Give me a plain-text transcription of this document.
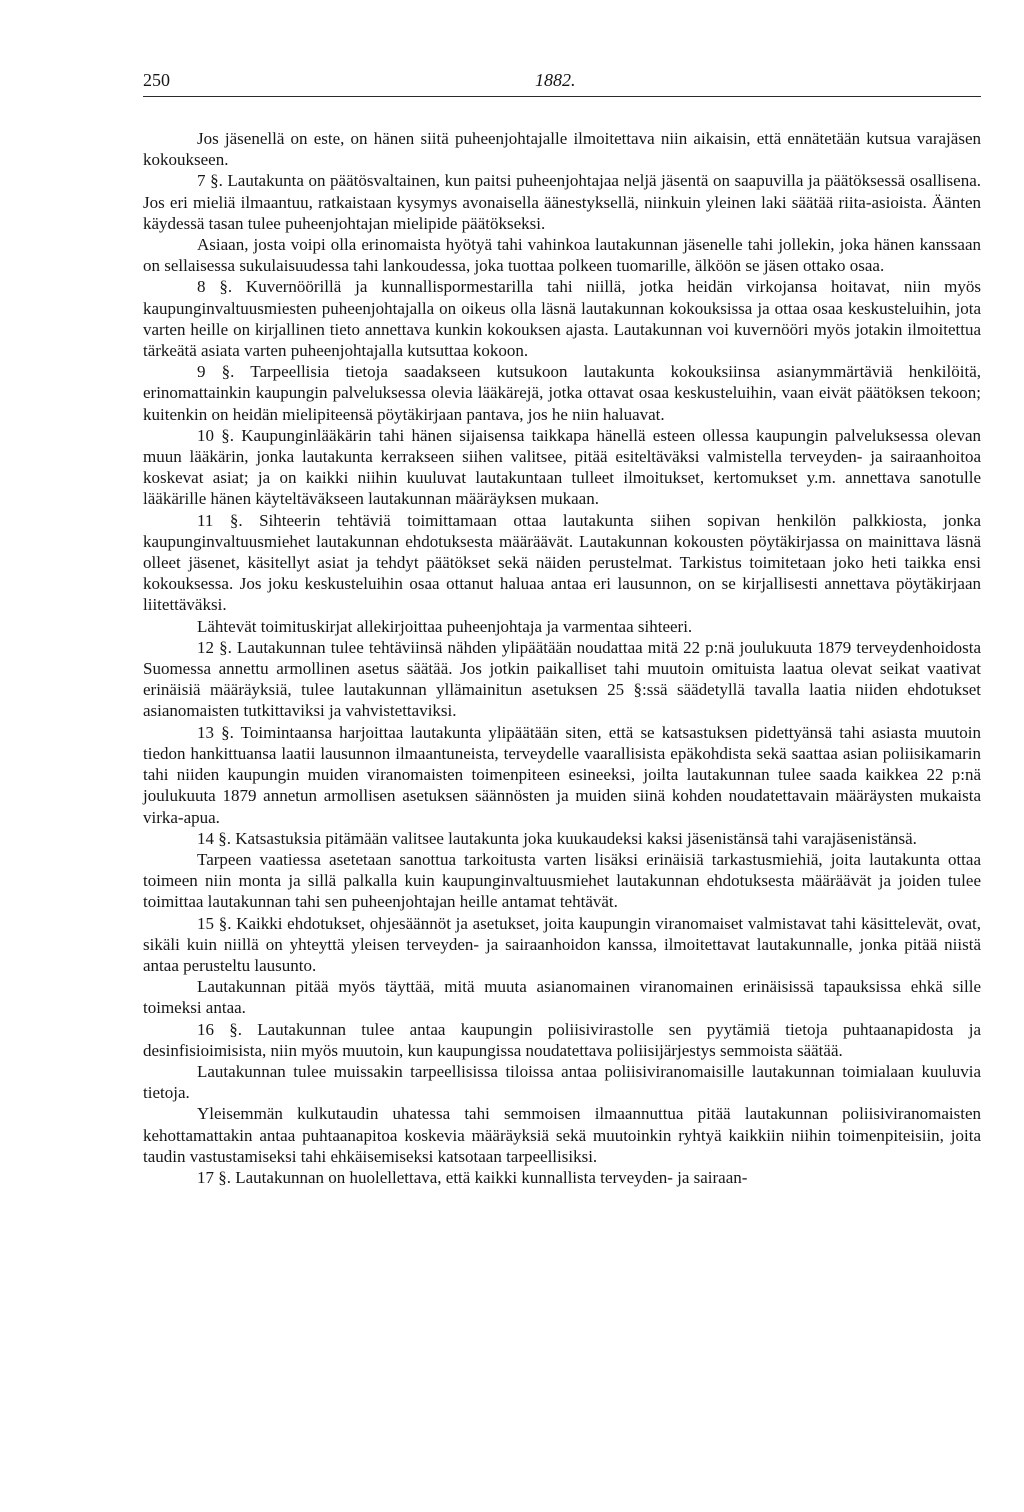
250	1882.

Jos jäsenellä on este, on hänen siitä puheenjohtajalle ilmoitettava niin aikaisin, että ennätetään kutsua varajäsen kokoukseen.

7 §. Lautakunta on päätösvaltainen, kun paitsi puheenjohtajaa neljä jäsentä on saapuvilla ja päätöksessä osallisena. Jos eri mieliä ilmaantuu, ratkaistaan kysymys avonaisella äänestyksellä, niinkuin yleinen laki säätää riita-asioista. Äänten käydessä tasan tulee puheenjohtajan mielipide päätökseksi.

Asiaan, josta voipi olla erinomaista hyötyä tahi vahinkoa lautakunnan jäsenelle tahi jollekin, joka hänen kanssaan on sellaisessa sukulaisuudessa tahi lankoudessa, joka tuottaa polkeen tuomarille, älköön se jäsen ottako osaa.

8 §. Kuvernöörillä ja kunnallispormestarilla tahi niillä, jotka heidän virkojansa hoitavat, niin myös kaupunginvaltuusmiesten puheenjohtajalla on oikeus olla läsnä lautakunnan kokouksissa ja ottaa osaa keskusteluihin, jota varten heille on kirjallinen tieto annettava kunkin kokouksen ajasta. Lautakunnan voi kuvernööri myös jotakin ilmoitettua tärkeätä asiata varten puheenjohtajalla kutsuttaa kokoon.

9 §. Tarpeellisia tietoja saadakseen kutsukoon lautakunta kokouksiinsa asianymmärtäviä henkilöitä, erinomattainkin kaupungin palveluksessa olevia lääkärejä, jotka ottavat osaa keskusteluihin, vaan eivät päätöksen tekoon; kuitenkin on heidän mielipiteensä pöytäkirjaan pantava, jos he niin haluavat.

10 §. Kaupunginlääkärin tahi hänen sijaisensa taikkapa hänellä esteen ollessa kaupungin palveluksessa olevan muun lääkärin, jonka lautakunta kerrakseen siihen valitsee, pitää esiteltäväksi valmistella terveyden- ja sairaanhoitoa koskevat asiat; ja on kaikki niihin kuuluvat lautakuntaan tulleet ilmoitukset, kertomukset y.m. annettava sanotulle lääkärille hänen käyteltäväkseen lautakunnan määräyksen mukaan.

11 §. Sihteerin tehtäviä toimittamaan ottaa lautakunta siihen sopivan henkilön palkkiosta, jonka kaupunginvaltuusmiehet lautakunnan ehdotuksesta määräävät. Lautakunnan kokousten pöytäkirjassa on mainittava läsnä olleet jäsenet, käsitellyt asiat ja tehdyt päätökset sekä näiden perustelmat. Tarkistus toimitetaan joko heti taikka ensi kokouksessa. Jos joku keskusteluihin osaa ottanut haluaa antaa eri lausunnon, on se kirjallisesti annettava pöytäkirjaan liitettäväksi.

Lähtevät toimituskirjat allekirjoittaa puheenjohtaja ja varmentaa sihteeri.

12 §. Lautakunnan tulee tehtäviinsä nähden ylipäätään noudattaa mitä 22 p:nä joulukuuta 1879 terveydenhoidosta Suomessa annettu armollinen asetus säätää. Jos jotkin paikalliset tahi muutoin omituista laatua olevat seikat vaativat erinäisiä määräyksiä, tulee lautakunnan yllämainitun asetuksen 25 §:ssä säädetyllä tavalla laatia niiden ehdotukset asianomaisten tutkittaviksi ja vahvistettaviksi.

13 §. Toimintaansa harjoittaa lautakunta ylipäätään siten, että se katsastuksen pidettyänsä tahi asiasta muutoin tiedon hankittuansa laatii lausunnon ilmaantuneista, terveydelle vaarallisista epäkohdista sekä saattaa asian poliisikamarin tahi niiden kaupungin muiden viranomaisten toimenpiteen esineeksi, joilta lautakunnan tulee saada kaikkea 22 p:nä joulukuuta 1879 annetun armollisen asetuksen säännösten ja muiden siinä kohden noudatettavain määräysten mukaista virka-apua.

14 §. Katsastuksia pitämään valitsee lautakunta joka kuukaudeksi kaksi jäsenistänsä tahi varajäsenistänsä.

Tarpeen vaatiessa asetetaan sanottua tarkoitusta varten lisäksi erinäisiä tarkastusmiehiä, joita lautakunta ottaa toimeen niin monta ja sillä palkalla kuin kaupunginvaltuusmiehet lautakunnan ehdotuksesta määräävät ja joiden tulee toimittaa lautakunnan tahi sen puheenjohtajan heille antamat tehtävät.

15 §. Kaikki ehdotukset, ohjesäännöt ja asetukset, joita kaupungin viranomaiset valmistavat tahi käsittelevät, ovat, sikäli kuin niillä on yhteyttä yleisen terveyden- ja sairaanhoidon kanssa, ilmoitettavat lautakunnalle, jonka pitää niistä antaa perusteltu lausunto.

Lautakunnan pitää myös täyttää, mitä muuta asianomainen viranomainen erinäisissä tapauksissa ehkä sille toimeksi antaa.

16 §. Lautakunnan tulee antaa kaupungin poliisivirastolle sen pyytämiä tietoja puhtaanapidosta ja desinfisioimisista, niin myös muutoin, kun kaupungissa noudatettava poliisijärjestys semmoista säätää.

Lautakunnan tulee muissakin tarpeellisissa tiloissa antaa poliisiviranomaisille lautakunnan toimialaan kuuluvia tietoja.

Yleisemmän kulkutaudin uhatessa tahi semmoisen ilmaannuttua pitää lautakunnan poliisiviranomaisten kehottamattakin antaa puhtaanapitoa koskevia määräyksiä sekä muutoinkin ryhtyä kaikkiin niihin toimenpiteisiin, joita taudin vastustamiseksi tahi ehkäisemiseksi katsotaan tarpeellisiksi.

17 §. Lautakunnan on huolellettava, että kaikki kunnallista terveyden- ja sairaan-
